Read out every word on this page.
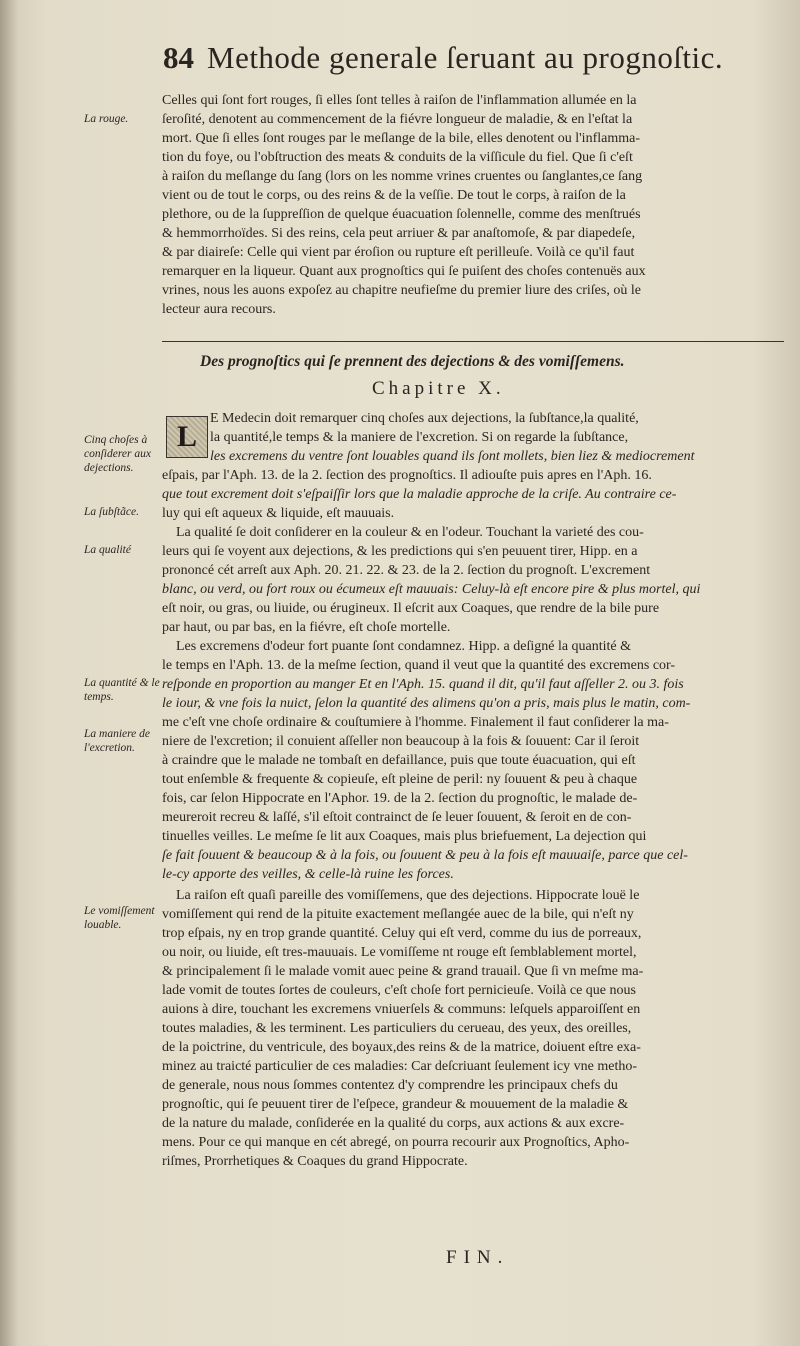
84 Methode generale ſeruant au prognoſtic.
La rouge.
Cinq choſes à conſiderer aux dejections.
La ſubſtãce.
La qualité
La quantité & le temps.
La maniere de l'excretion.
Le vomiſſement louable.
Celles qui ſont fort rouges, ſi elles ſont telles à raiſon de l'inflammation allumée en la
ſeroſité, denotent au commencement de la fiévre longueur de maladie, & en l'eſtat la
mort. Que ſi elles ſont rouges par le meſlange de la bile, elles denotent ou l'inflamma-
tion du foye, ou l'obſtruction des meats & conduits de la viſſicule du fiel. Que ſi c'eſt
à raiſon du meſlange du ſang (lors on les nomme vrines cruentes ou ſanglantes,ce ſang
vient ou de tout le corps, ou des reins & de la veſſie. De tout le corps, à raiſon de la
plethore, ou de la ſuppreſſion de quelque éuacuation ſolennelle, comme des menſtrués
& hemmorrhoïdes. Si des reins, cela peut arriuer & par anaſtomoſe, & par diapedeſe,
& par diaireſe: Celle qui vient par éroſion ou rupture eſt perilleuſe. Voilà ce qu'il faut
remarquer en la liqueur. Quant aux prognoſtics qui ſe puiſent des choſes contenuës aux
vrines, nous les auons expoſez au chapitre neufieſme du premier liure des criſes, où le
lecteur aura recours.
Des prognoſtics qui ſe prennent des dejections & des vomiſſemens.
Chapitre X.
L
E Medecin doit remarquer cinq choſes aux dejections, la ſubſtance,la qualité,
la quantité,le temps & la maniere de l'excretion. Si on regarde la ſubſtance,
les excremens du ventre ſont louables quand ils ſont mollets, bien liez & mediocrement
eſpais, par l'Aph. 13. de la 2. ſection des prognoſtics. Il adiouſte puis apres en l'Aph. 16.
que tout excrement doit s'eſpaiſſir lors que la maladie approche de la criſe. Au contraire ce-
luy qui eſt aqueux & liquide, eſt mauuais.
La qualité ſe doit conſiderer en la couleur & en l'odeur. Touchant la varieté des cou-
leurs qui ſe voyent aux dejections, & les predictions qui s'en peuuent tirer, Hipp. en a
prononcé cét arreſt aux Aph. 20. 21. 22. & 23. de la 2. ſection du prognoſt. L'excrement
blanc, ou verd, ou fort roux ou écumeux eſt mauuais: Celuy-là eſt encore pire & plus mortel, qui
eſt noir, ou gras, ou liuide, ou érugineux. Il eſcrit aux Coaques, que rendre de la bile pure
par haut, ou par bas, en la fiévre, eſt choſe mortelle.
Les excremens d'odeur fort puante ſont condamnez. Hipp. a deſigné la quantité &
le temps en l'Aph. 13. de la meſme ſection, quand il veut que la quantité des excremens cor-
reſponde en proportion au manger Et en l'Aph. 15. quand il dit, qu'il faut aſſeller 2. ou 3. fois
le iour, & vne fois la nuict, ſelon la quantité des alimens qu'on a pris, mais plus le matin, com-
me c'eſt vne choſe ordinaire & couſtumiere à l'homme. Finalement il faut conſiderer la ma-
niere de l'excretion; il conuient aſſeller non beaucoup à la fois & ſouuent: Car il ſeroit
à craindre que le malade ne tombaſt en defaillance, puis que toute éuacuation, qui eſt
tout enſemble & frequente & copieuſe, eſt pleine de peril: ny ſouuent & peu à chaque
fois, car ſelon Hippocrate en l'Aphor. 19. de la 2. ſection du prognoſtic, le malade de-
meureroit recreu & laſſé, s'il eſtoit contrainct de ſe leuer ſouuent, & ſeroit en de con-
tinuelles veilles. Le meſme ſe lit aux Coaques, mais plus briefuement, La dejection qui
ſe fait ſouuent & beaucoup & à la fois, ou ſouuent & peu à la fois eſt mauuaiſe, parce que cel-
le-cy apporte des veilles, & celle-là ruine les forces.
La raiſon eſt quaſi pareille des vomiſſemens, que des dejections. Hippocrate louë le
vomiſſement qui rend de la pituite exactement meſlangée auec de la bile, qui n'eſt ny
trop eſpais, ny en trop grande quantité. Celuy qui eſt verd, comme du ius de porreaux,
ou noir, ou liuide, eſt tres-mauuais. Le vomiſſeme nt rouge eſt ſemblablement mortel,
& principalement ſi le malade vomit auec peine & grand trauail. Que ſi vn meſme ma-
lade vomit de toutes ſortes de couleurs, c'eſt choſe fort pernicieuſe. Voilà ce que nous
auions à dire, touchant les excremens vniuerſels & communs: leſquels apparoiſſent en
toutes maladies, & les terminent. Les particuliers du cerueau, des yeux, des oreilles,
de la poictrine, du ventricule, des boyaux,des reins & de la matrice, doiuent eſtre exa-
minez au traicté particulier de ces maladies: Car deſcriuant ſeulement icy vne metho-
de generale, nous nous ſommes contentez d'y comprendre les principaux chefs du
prognoſtic, qui ſe peuuent tirer de l'eſpece, grandeur & mouuement de la maladie &
de la nature du malade, conſiderée en la qualité du corps, aux actions & aux excre-
mens. Pour ce qui manque en cét abregé, on pourra recourir aux Prognoſtics, Apho-
riſmes, Prorrhetiques & Coaques du grand Hippocrate.
FIN.
